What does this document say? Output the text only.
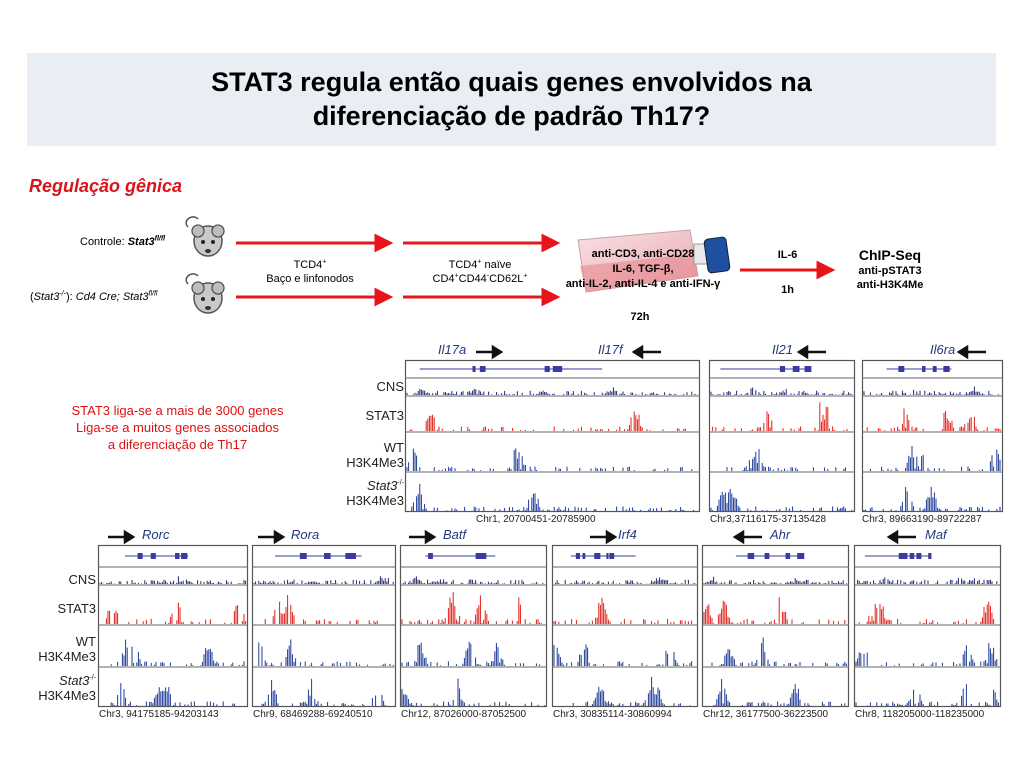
STAT3 regula então quais genes envolvidos na
diferenciação de padrão Th17?
Regulação gênica
Controle: $Stat3^{fl/fl}$
(Stat3-/-): Cd4 Cre; $Stat3^{fl/fl}$
TCD4+
Baço e linfonodos
TCD4+ naïve
CD4+CD44-CD62L+
anti-CD3, anti-CD28
IL-6, TGF-β,
anti-IL-2, anti-IL-4 e anti-IFN-γ
72h
IL-6
1h
ChIP-Seq
anti-pSTAT3
anti-H3K4Me
STAT3 liga-se a mais de 3000 genes
Liga-se a muitos genes associados
a diferenciação de Th17
CNS
STAT3
WT
H3K4Me3
Stat3-/-
H3K4Me3
CNS
STAT3
WT
H3K4Me3
Stat3-/-
H3K4Me3
Il17a	Il17f	Il21	Il6ra
Chr1, 20700451-20785900	Chr3,37116175-37135428	Chr3, 89663190-89722287
Rorc	Rora	Batf	Irf4	Ahr	Maf
Chr3, 94175185-94203143	Chr9, 68469288-69240510	Chr12, 87026000-87052500	Chr3, 30835114-30860994	Chr12, 36177500-36223500	Chr8, 118205000-118235000
